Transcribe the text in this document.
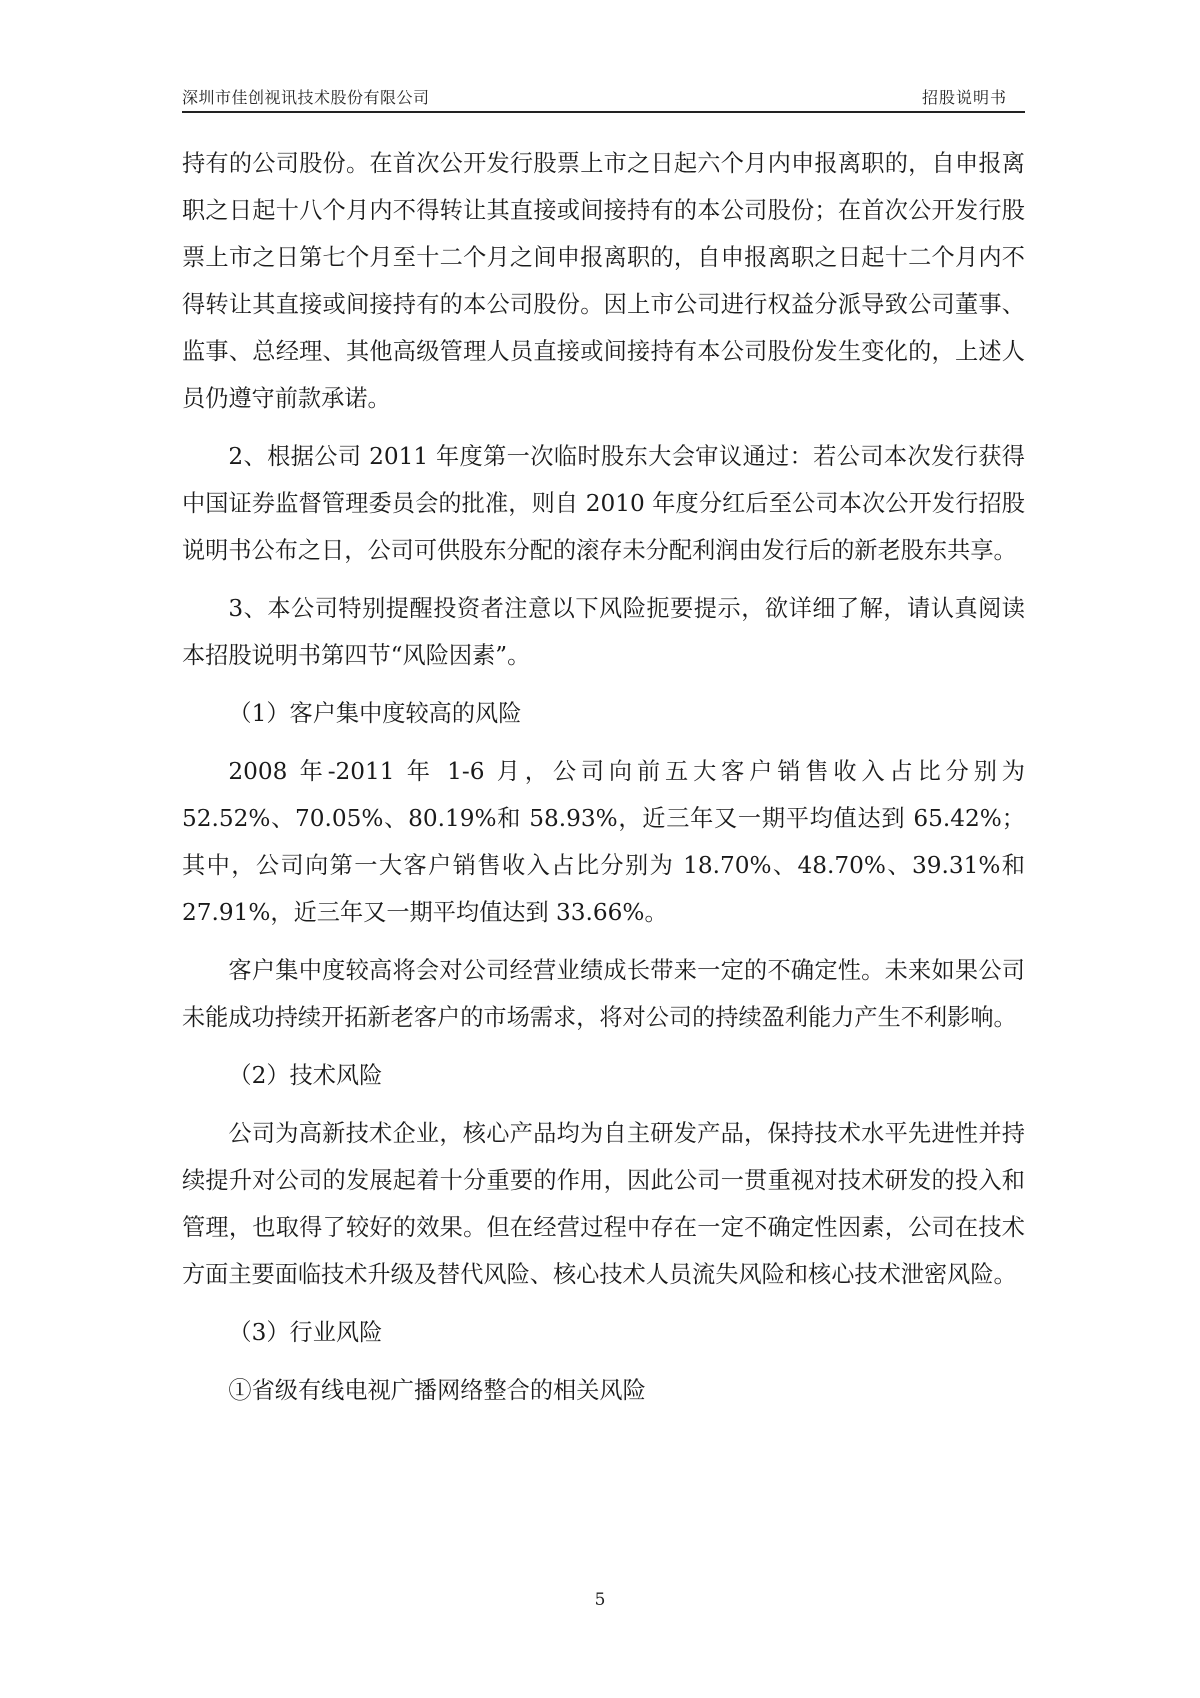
深圳市佳创视讯技术股份有限公司	招股说明书

持有的公司股份。在首次公开发行股票上市之日起六个月内申报离职的，自申报离职之日起十八个月内不得转让其直接或间接持有的本公司股份；在首次公开发行股票上市之日第七个月至十二个月之间申报离职的，自申报离职之日起十二个月内不得转让其直接或间接持有的本公司股份。因上市公司进行权益分派导致公司董事、监事、总经理、其他高级管理人员直接或间接持有本公司股份发生变化的，上述人员仍遵守前款承诺。

2、根据公司 2011 年度第一次临时股东大会审议通过：若公司本次发行获得中国证券监督管理委员会的批准，则自 2010 年度分红后至公司本次公开发行招股说明书公布之日，公司可供股东分配的滚存未分配利润由发行后的新老股东共享。

3、本公司特别提醒投资者注意以下风险扼要提示，欲详细了解，请认真阅读本招股说明书第四节“风险因素”。

（1）客户集中度较高的风险

2008 年-2011 年 1-6 月，公司向前五大客户销售收入占比分别为 52.52%、70.05%、80.19%和 58.93%，近三年又一期平均值达到 65.42%；其中，公司向第一大客户销售收入占比分别为 18.70%、48.70%、39.31%和 27.91%，近三年又一期平均值达到 33.66%。

客户集中度较高将会对公司经营业绩成长带来一定的不确定性。未来如果公司未能成功持续开拓新老客户的市场需求，将对公司的持续盈利能力产生不利影响。

（2）技术风险

公司为高新技术企业，核心产品均为自主研发产品，保持技术水平先进性并持续提升对公司的发展起着十分重要的作用，因此公司一贯重视对技术研发的投入和管理，也取得了较好的效果。但在经营过程中存在一定不确定性因素，公司在技术方面主要面临技术升级及替代风险、核心技术人员流失风险和核心技术泄密风险。

（3）行业风险

①省级有线电视广播网络整合的相关风险

5
